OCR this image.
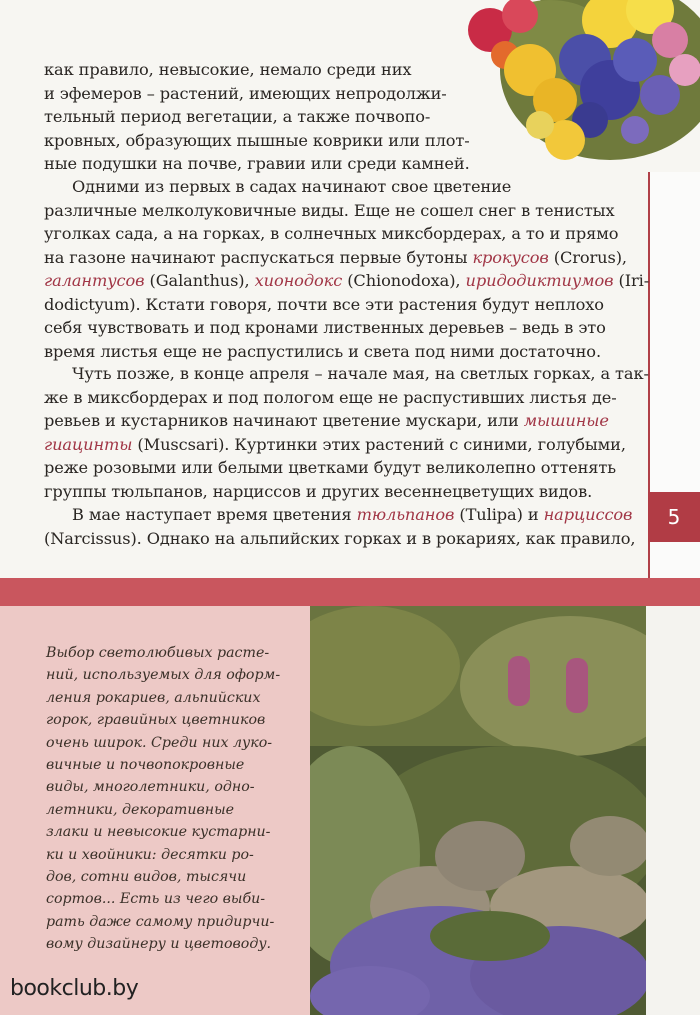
5
как правило, невысокие, немало среди них
и эфемеров – растений, имеющих непродолжи-
тельный период вегетации, а также почвопо-
кровных, образующих пышные коврики или плот-
ные подушки на почве, гравии или среди камней.
Одними из первых в садах начинают свое цветение
различные мелколуковичные виды. Еще не сошел снег в тенистых
уголках сада, а на горках, в солнечных миксбордерах, а то и прямо
на газоне начинают распускаться первые бутоны крокусов (Crorus),
галантусов (Galanthus), хионодокс (Chionodoxa), иридодиктиумов (Iri-
dodictyum). Кстати говоря, почти все эти растения будут неплохо
себя чувствовать и под кронами лиственных деревьев – ведь в это
время листья еще не распустились и света под ними достаточно.
Чуть позже, в конце апреля – начале мая, на светлых горках, а так-
же в миксбордерах и под пологом еще не распустивших листья де-
ревьев и кустарников начинают цветение мускари, или мышиные
гиацинты (Muscsari). Куртинки этих растений с синими, голубыми,
реже розовыми или белыми цветками будут великолепно оттенять
группы тюльпанов, нарциссов и других весеннецветущих видов.
В мае наступает время цветения тюльпанов (Tulipa) и нарциссов
(Narcissus). Однако на альпийских горках и в рокариях, как правило,
Выбор светолюбивых расте-
ний, используемых для оформ-
ления рокариев, альпийских
горок, гравийных цветников
очень широк. Среди них луко-
вичные и почвопокровные
виды, многолетники, одно-
летники, декоративные
злаки и невысокие кустарни-
ки и хвойники: десятки ро-
дов, сотни видов, тысячи
сортов... Есть из чего выби-
рать даже самому придирчи-
вому дизайнеру и цветоводу.
bookclub.by
